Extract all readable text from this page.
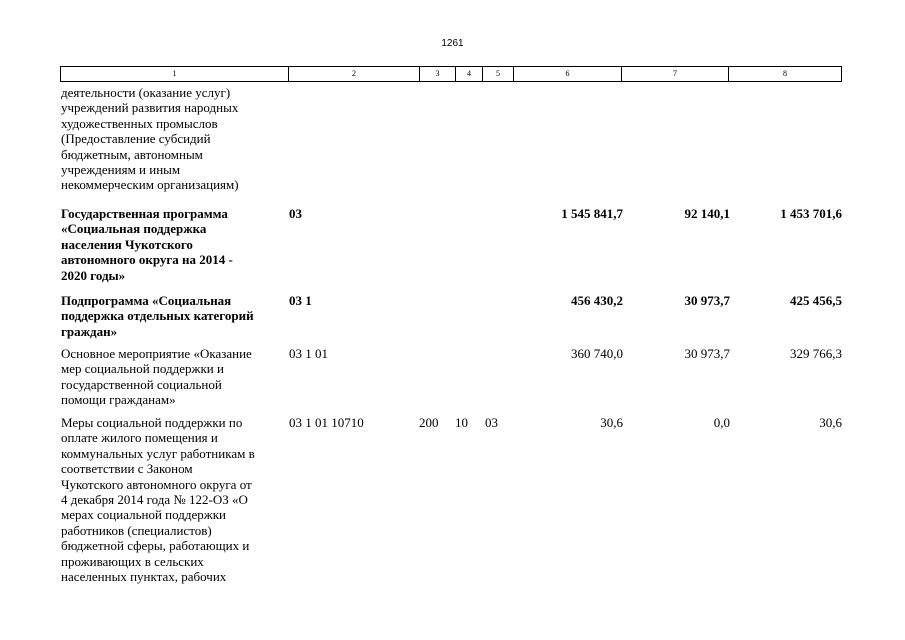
1261
1	2	3	4	5	6	7	8
деятельности (оказание услуг)
учреждений развития народных
художественных промыслов
(Предоставление субсидий
бюджетным, автономным
учреждениям и иным
некоммерческим организациям)
Государственная программа
«Социальная поддержка
населения Чукотского
автономного округа на 2014 -
2020 годы»
03	1 545 841,7	92 140,1	1 453 701,6
Подпрограмма «Социальная
поддержка отдельных категорий
граждан»
03 1	456 430,2	30 973,7	425 456,5
Основное мероприятие «Оказание
мер социальной поддержки и
государственной социальной
помощи гражданам»
03 1 01	360 740,0	30 973,7	329 766,3
Меры социальной поддержки по
оплате жилого помещения и
коммунальных услуг работникам в
соответствии с Законом
Чукотского автономного округа от
4 декабря 2014 года № 122-ОЗ «О
мерах социальной поддержки
работников (специалистов)
бюджетной сферы, работающих и
проживающих в сельских
населенных пунктах, рабочих
03 1 01 10710	200	10	03	30,6	0,0	30,6
